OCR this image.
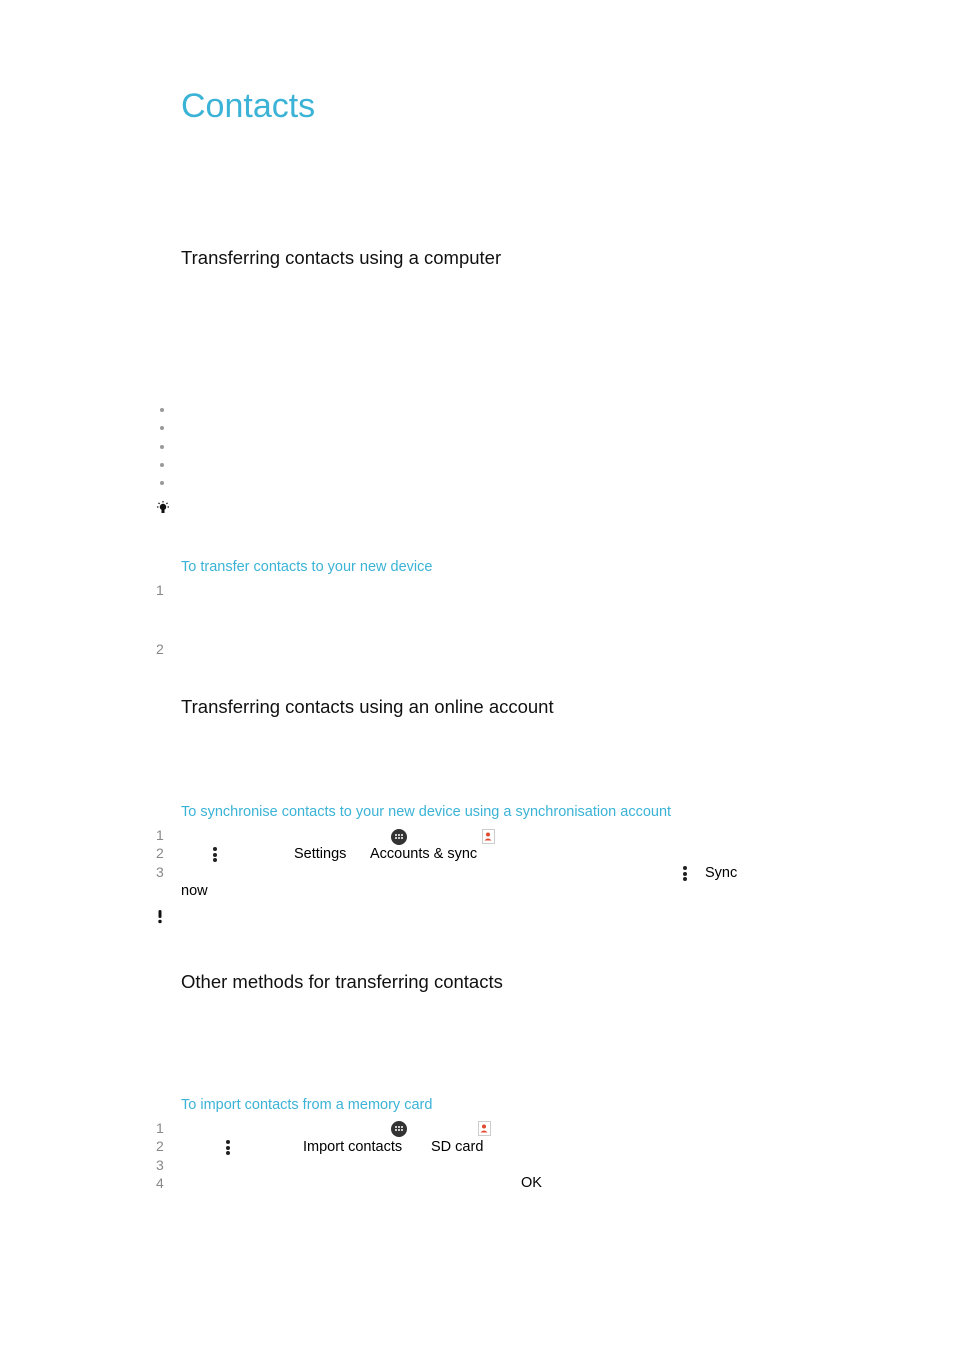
Contacts
Transferring contacts using a computer
To transfer contacts to your new device
1
2
Transferring contacts using an online account
To synchronise contacts to your new device using a synchronisation account
1
2
3
Settings Accounts & sync
Sync
now
Other methods for transferring contacts
To import contacts from a memory card
1
2
3
4
Import contacts SD card
OK
